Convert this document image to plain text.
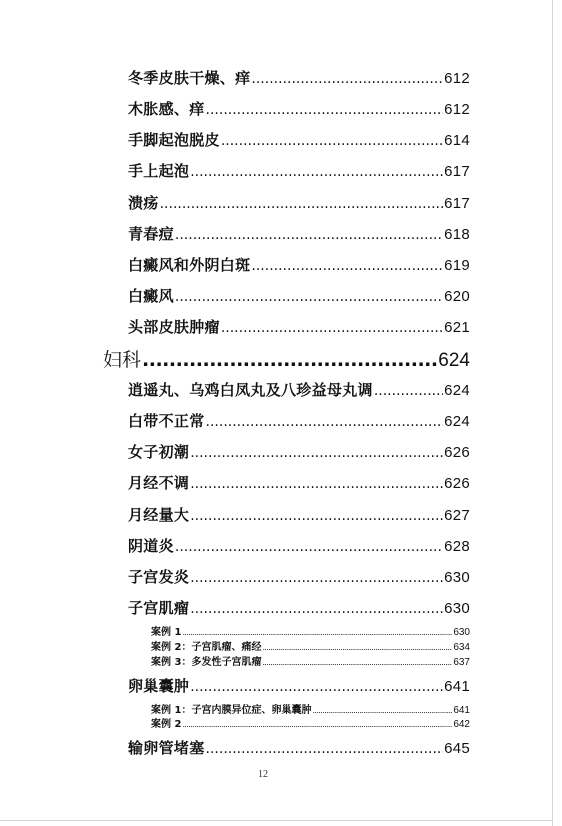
冬季皮肤干燥、痒 .....	612
木胀感、痒 .....	612
手脚起泡脱皮 .....	614
手上起泡 .....	617
溃疡 .....	617
青春痘 .....	618
白癜风和外阴白斑 .....	619
白癜风 .....	620
头部皮肤肿瘤 .....	621
妇科 .....	624
逍遥丸、乌鸡白凤丸及八珍益母丸调 .....	624
白带不正常 .....	624
女子初潮 .....	626
月经不调 .....	626
月经量大 .....	627
阴道炎 .....	628
子宫发炎 .....	630
子宫肌瘤 .....	630
案例 1 .....	630
案例 2：子宫肌瘤、痛经 .....	634
案例 3：多发性子宫肌瘤 .....	637
卵巢囊肿 .....	641
案例 1：子宫内膜异位症、卵巢囊肿 .....	641
案例 2 .....	642
输卵管堵塞 .....	645
12
